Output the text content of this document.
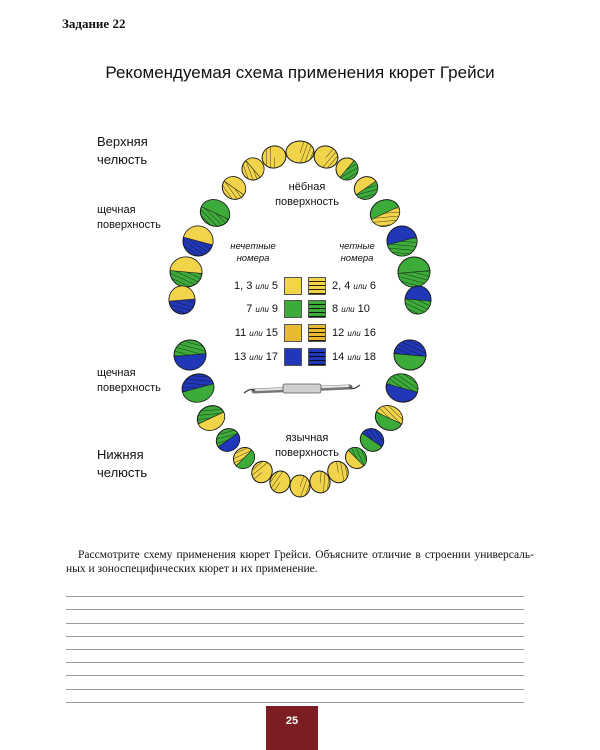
Задание 22
Рекомендуемая схема применения кюрет Грейси
Верхняя
челюсть
щечная
поверхность
нёбная
поверхность
нечетные
номера
четные
номера
1, 3 или 5	2, 4 или 6
7 или 9	8 или 10
11 или 15	12 или 16
13 или 17	14 или 18
щечная
поверхность
язычная
поверхность
Нижняя
челюсть
Рассмотрите схему применения кюрет Грейси. Объясните отличие в строении универсаль-ных и зоноспецифических кюрет и их применение.
25
